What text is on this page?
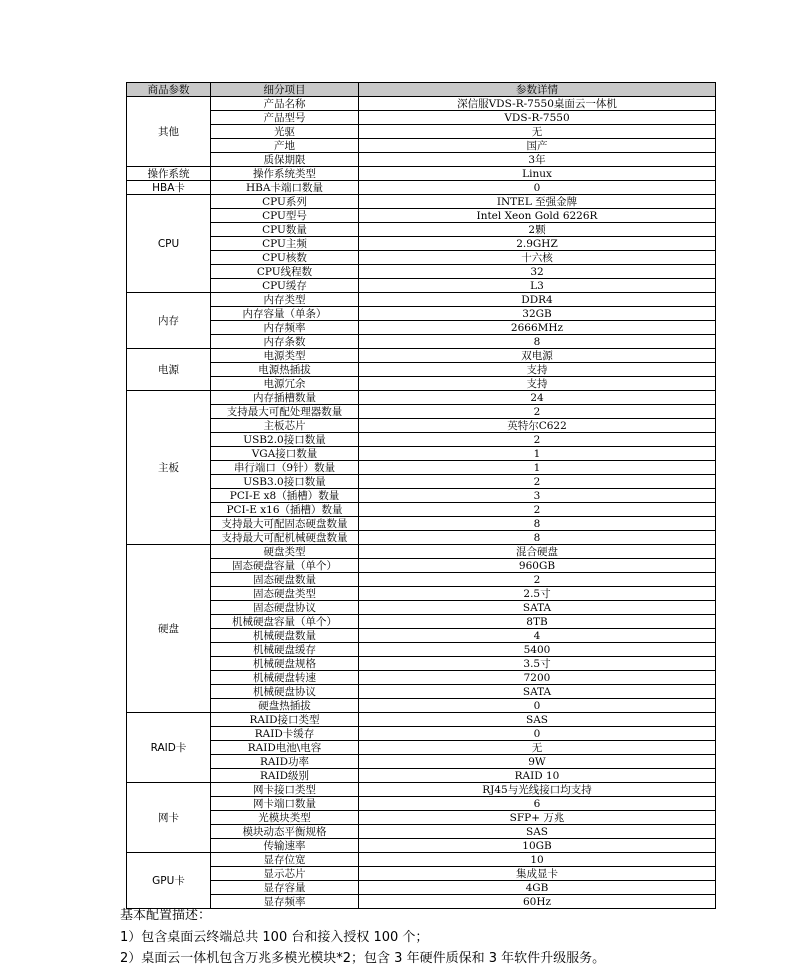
商品参数	细分项目	参数详情
其他	产品名称	深信服VDS-R-7550桌面云一体机
	产品型号	VDS-R-7550
	光驱	无
	产地	国产
	质保期限	3年
操作系统	操作系统类型	Linux
HBA卡	HBA卡端口数量	0
CPU	CPU系列	INTEL 至强金牌
	CPU型号	Intel Xeon Gold 6226R
	CPU数量	2颗
	CPU主频	2.9GHZ
	CPU核数	十六核
	CPU线程数	32
	CPU缓存	L3
内存	内存类型	DDR4
	内存容量（单条）	32GB
	内存频率	2666MHz
	内存条数	8
电源	电源类型	双电源
	电源热插拔	支持
	电源冗余	支持
主板	内存插槽数量	24
	支持最大可配处理器数量	2
	主板芯片	英特尔C622
	USB2.0接口数量	2
	VGA接口数量	1
	串行端口（9针）数量	1
	USB3.0接口数量	2
	PCI-E x8（插槽）数量	3
	PCI-E x16（插槽）数量	2
	支持最大可配固态硬盘数量	8
	支持最大可配机械硬盘数量	8
硬盘	硬盘类型	混合硬盘
	固态硬盘容量（单个）	960GB
	固态硬盘数量	2
	固态硬盘类型	2.5寸
	固态硬盘协议	SATA
	机械硬盘容量（单个）	8TB
	机械硬盘数量	4
	机械硬盘缓存	5400
	机械硬盘规格	3.5寸
	机械硬盘转速	7200
	机械硬盘协议	SATA
	硬盘热插拔	0
RAID卡	RAID接口类型	SAS
	RAID卡缓存	0
	RAID电池\电容	无
	RAID功率	9W
	RAID级别	RAID 10
网卡	网卡接口类型	RJ45与光线接口均支持
	网卡端口数量	6
	光模块类型	SFP+ 万兆
	模块动态平衡规格	SAS
	传输速率	10GB
GPU卡	显存位宽	10
	显示芯片	集成显卡
	显存容量	4GB
	显存频率	60Hz

基本配置描述：

1）包含桌面云终端总共 100 台和接入授权 100 个；

2）桌面云一体机包含万兆多模光模块*2；包含 3 年硬件质保和 3 年软件升级服务。
